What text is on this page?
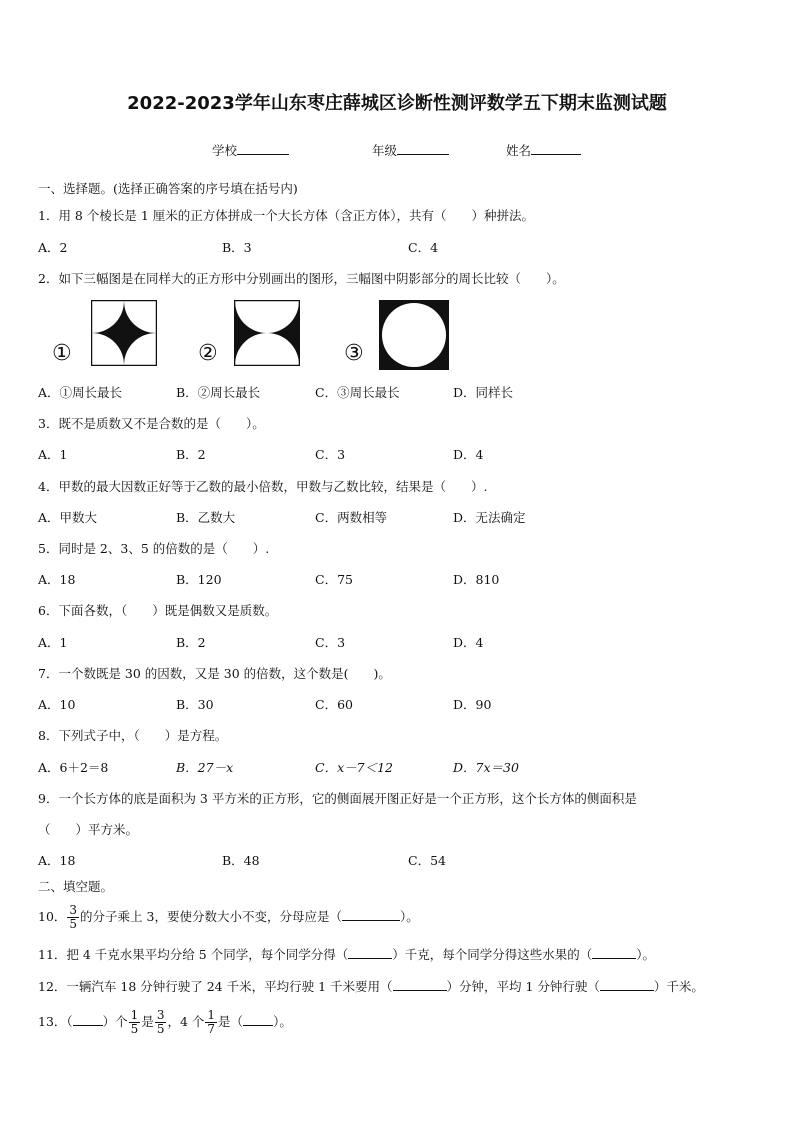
2022-2023学年山东枣庄薛城区诊断性测评数学五下期末监测试题
学校	年级	姓名
一、选择题。(选择正确答案的序号填在括号内)
1．用 8 个棱长是 1 厘米的正方体拼成一个大长方体（含正方体），共有（　　）种拼法。
A．2	B．3	C．4
2．如下三幅图是在同样大的正方形中分别画出的图形，三幅图中阴影部分的周长比较（　　）。
①	②	③
A．①周长最长	B．②周长最长	C．③周长最长	D．同样长
3．既不是质数又不是合数的是（　　）。
A．1	B．2	C．3	D．4
4．甲数的最大因数正好等于乙数的最小倍数，甲数与乙数比较，结果是（　　）.
A．甲数大	B．乙数大	C．两数相等	D．无法确定
5．同时是 2、3、5 的倍数的是（　　）.
A．18	B．120	C．75	D．810
6．下面各数，（　　）既是偶数又是质数。
A．1	B．2	C．3	D．4
7．一个数既是 30 的因数，又是 30 的倍数，这个数是(　　)。
A．10	B．30	C．60	D．90
8．下列式子中，（　　）是方程。
A．6＋2＝8	B．27－x	C．x－7＜12	D．7x＝30
9．一个长方体的底是面积为 3 平方米的正方形，它的侧面展开图正好是一个正方形，这个长方体的侧面积是
（　　）平方米。
A．18	B．48	C．54
二、填空题。
10． $\frac{3}{5}$ 的分子乘上 3，要使分数大小不变，分母应是（	）。
11．把 4 千克水果平均分给 5 个同学，每个同学分得（	）千克，每个同学分得这些水果的（	）。
12．一辆汽车 18 分钟行驶了 24 千米，平均行驶 1 千米要用（	）分钟，平均 1 分钟行驶（	）千米。
13．（ ）个 $\frac{1}{5}$ 是 $\frac{3}{5}$ ，4 个 $\frac{1}{7}$ 是（ ）。
